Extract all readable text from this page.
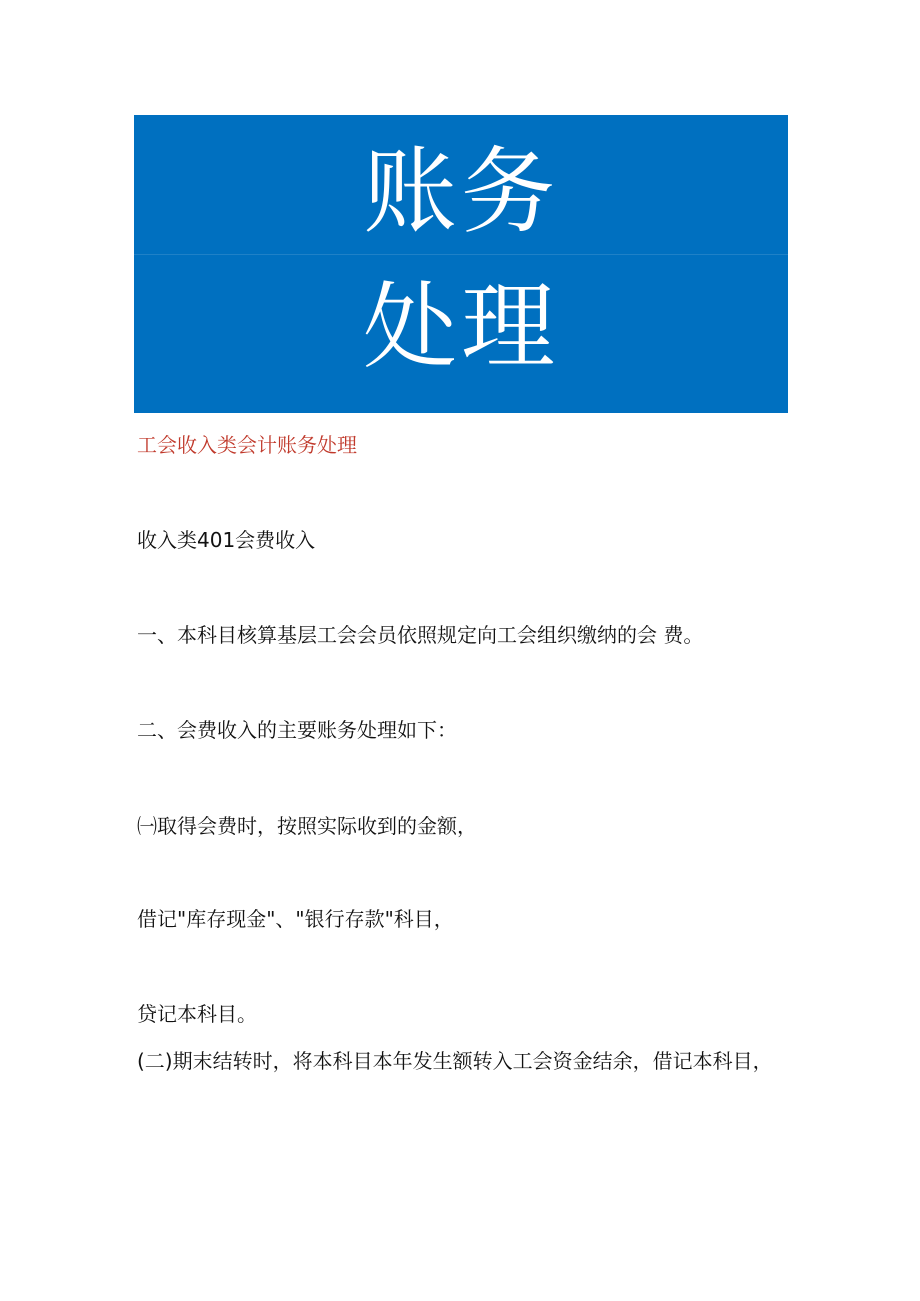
账务
处理
工会收入类会计账务处理
收入类401会费收入
一、本科目核算基层工会会员依照规定向工会组织缴纳的会 费。
二、会费收入的主要账务处理如下：
㈠取得会费时，按照实际收到的金额，
借记"库存现金"、"银行存款"科目，
贷记本科目。
(二)期末结转时，将本科目本年发生额转入工会资金结余，借记本科目，
